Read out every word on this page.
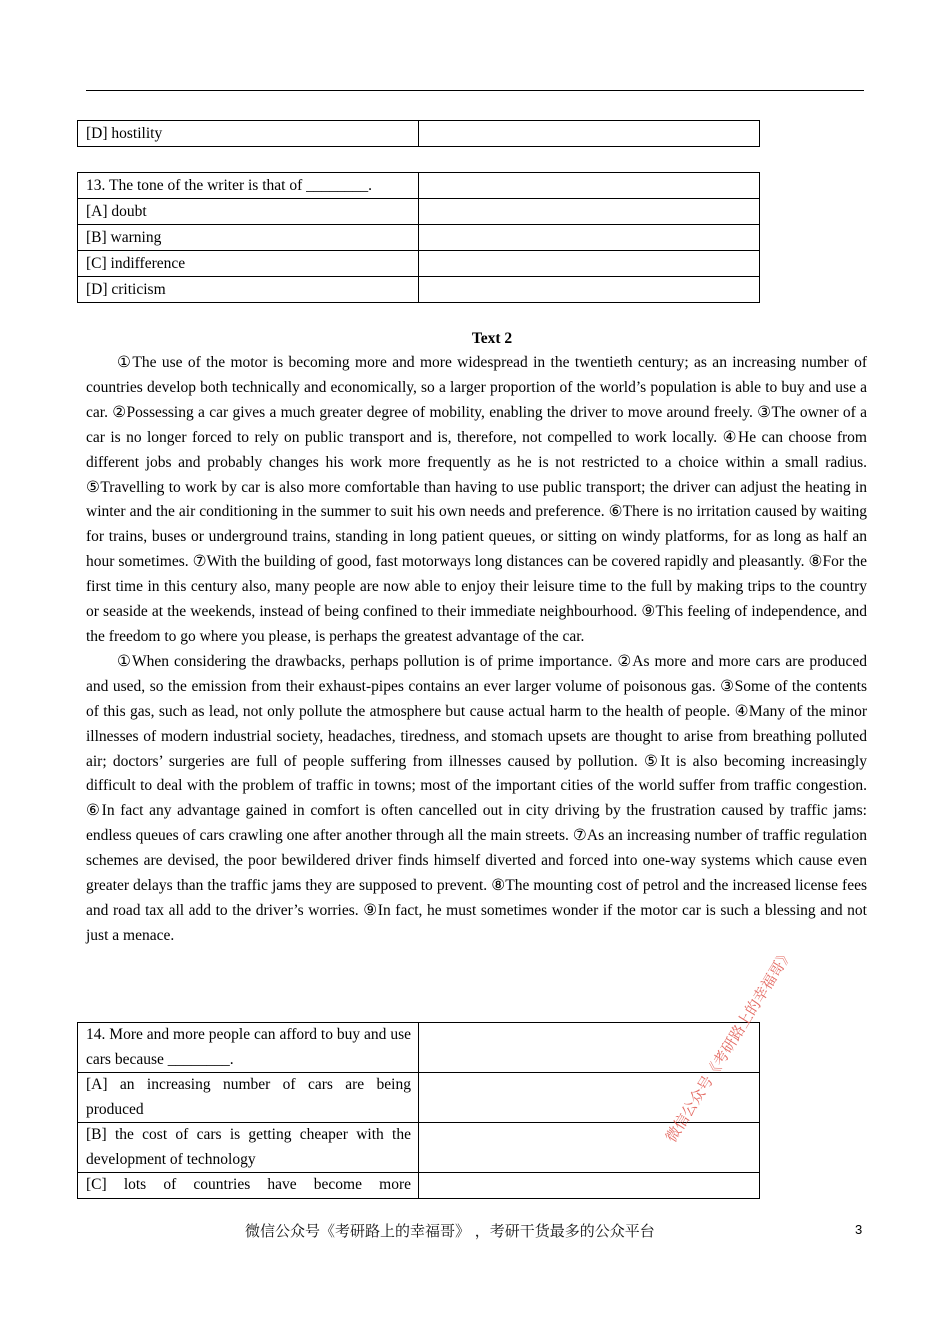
[D] hostility	
13. The tone of the writer is that of ________.	
[A] doubt	
[B] warning	
[C] indifference	
[D] criticism	
Text 2

①The use of the motor is becoming more and more widespread in the twentieth century; as an increasing number of countries develop both technically and economically, so a larger proportion of the world’s population is able to buy and use a car. ②Possessing a car gives a much greater degree of mobility, enabling the driver to move around freely. ③The owner of a car is no longer forced to rely on public transport and is, therefore, not compelled to work locally. ④He can choose from different jobs and probably changes his work more frequently as he is not restricted to a choice within a small radius. ⑤Travelling to work by car is also more comfortable than having to use public transport; the driver can adjust the heating in winter and the air conditioning in the summer to suit his own needs and preference. ⑥There is no irritation caused by waiting for trains, buses or underground trains, standing in long patient queues, or sitting on windy platforms, for as long as half an hour sometimes. ⑦With the building of good, fast motorways long distances can be covered rapidly and pleasantly. ⑧For the first time in this century also, many people are now able to enjoy their leisure time to the full by making trips to the country or seaside at the weekends, instead of being confined to their immediate neighbourhood. ⑨This feeling of independence, and the freedom to go where you please, is perhaps the greatest advantage of the car.

①When considering the drawbacks, perhaps pollution is of prime importance. ②As more and more cars are produced and used, so the emission from their exhaust-pipes contains an ever larger volume of poisonous gas. ③Some of the contents of this gas, such as lead, not only pollute the atmosphere but cause actual harm to the health of people. ④Many of the minor illnesses of modern industrial society, headaches, tiredness, and stomach upsets are thought to arise from breathing polluted air; doctors’ surgeries are full of people suffering from illnesses caused by pollution. ⑤It is also becoming increasingly difficult to deal with the problem of traffic in towns; most of the important cities of the world suffer from traffic congestion. ⑥In fact any advantage gained in comfort is often cancelled out in city driving by the frustration caused by traffic jams: endless queues of cars crawling one after another through all the main streets. ⑦As an increasing number of traffic regulation schemes are devised, the poor bewildered driver finds himself diverted and forced into one-way systems which cause even greater delays than the traffic jams they are supposed to prevent. ⑧The mounting cost of petrol and the increased license fees and road tax all add to the driver’s worries. ⑨In fact, he must sometimes wonder if the motor car is such a blessing and not just a menace.

14. More and more people can afford to buy and use cars because ________.	
[A] an increasing number of cars are being produced	
[B] the cost of cars is getting cheaper with the development of technology	
[C] lots of countries have become more	
微信公众号《考研路上的幸福哥》
微信公众号《考研路上的幸福哥》 ，考研干货最多的公众平台	3
